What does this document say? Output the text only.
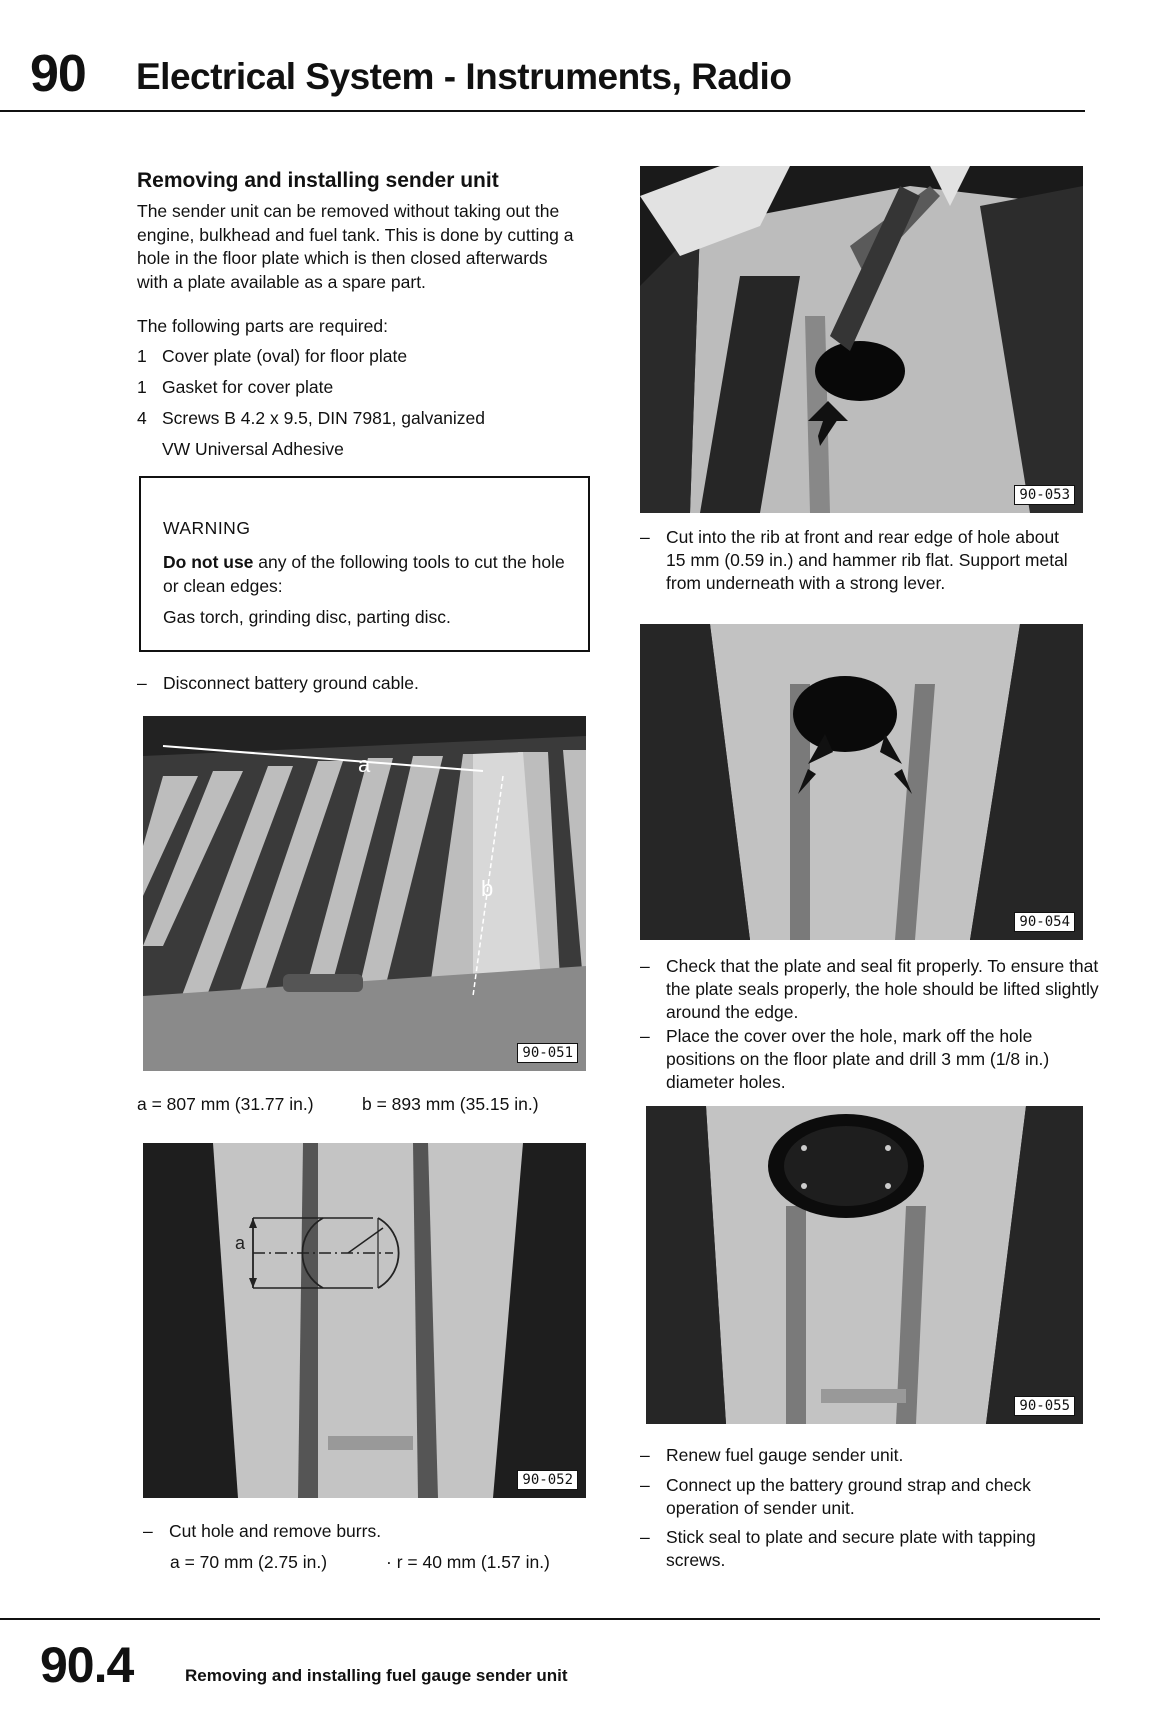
90 Electrical System - Instruments, Radio
Removing and installing sender unit

The sender unit can be removed without taking out the engine, bulkhead and fuel tank. This is done by cutting a hole in the floor plate which is then closed afterwards with a plate available as a spare part.

The following parts are required:

1 Cover plate (oval) for floor plate
1 Gasket for cover plate
4 Screws B 4.2 x 9.5, DIN 7981, galvanized
VW Universal Adhesive
WARNING

Do not use any of the following tools to cut the hole or clean edges:

Gas torch, grinding disc, parting disc.

– Disconnect battery ground cable.
a
b
90-051
a = 807 mm (31.77 in.)	b = 893 mm (35.15 in.)
a
90-052
– Cut hole and remove burrs.
a = 70 mm (2.75 in.)	· r = 40 mm (1.57 in.)
90-053
– Cut into the rib at front and rear edge of hole about 15 mm (0.59 in.) and hammer rib flat. Support metal from underneath with a strong lever.
90-054
– Check that the plate and seal fit properly. To ensure that the plate seals properly, the hole should be lifted slightly around the edge.
– Place the cover over the hole, mark off the hole positions on the floor plate and drill 3 mm (1/8 in.) diameter holes.
90-055
– Renew fuel gauge sender unit.
– Connect up the battery ground strap and check operation of sender unit.
– Stick seal to plate and secure plate with tapping screws.
90.4	Removing and installing fuel gauge sender unit
